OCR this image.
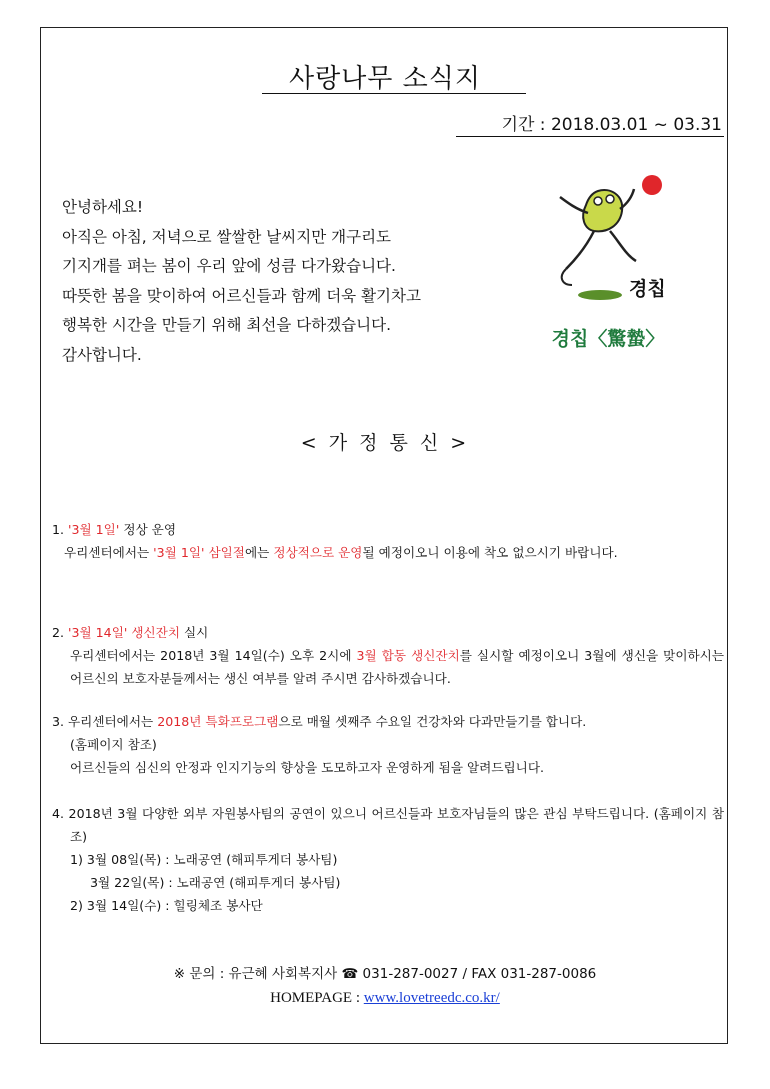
사랑나무 소식지
기간 : 2018.03.01 ~ 03.31
안녕하세요!
아직은 아침, 저녁으로 쌀쌀한 날씨지만 개구리도
기지개를 펴는 봄이 우리 앞에 성큼 다가왔습니다.
따뜻한 봄을 맞이하여 어르신들과 함께 더욱 활기차고
행복한 시간을 만들기 위해 최선을 다하겠습니다.
감사합니다.
경칩
경칩〈驚蟄〉
< 가 정 통 신 >
1. '3월 1일' 정상 운영
우리센터에서는 '3월 1일' 삼일절에는 정상적으로 운영될 예정이오니 이용에 착오 없으시기 바랍니다.
2. '3월 14일' 생신잔치 실시
우리센터에서는 2018년 3월 14일(수) 오후 2시에 3월 합동 생신잔치를 실시할 예정이오니 3월에 생신을 맞이하시는 어르신의 보호자분들께서는 생신 여부를 알려 주시면 감사하겠습니다.
3. 우리센터에서는 2018년 특화프로그램으로 매월 셋째주 수요일 건강차와 다과만들기를 합니다.
(홈페이지 참조)
어르신들의 심신의 안정과 인지기능의 향상을 도모하고자 운영하게 됨을 알려드립니다.
4. 2018년 3월 다양한 외부 자원봉사팀의 공연이 있으니 어르신들과 보호자님들의 많은 관심 부탁드립니다. (홈페이지 참조)
1) 3월 08일(목) : 노래공연 (해피투게더 봉사팀)
3월 22일(목) : 노래공연 (해피투게더 봉사팀)
2) 3월 14일(수) : 힐링체조 봉사단
※ 문의 : 유근혜 사회복지사 ☎ 031-287-0027 / FAX 031-287-0086
HOMEPAGE : www.lovetreedc.co.kr/
